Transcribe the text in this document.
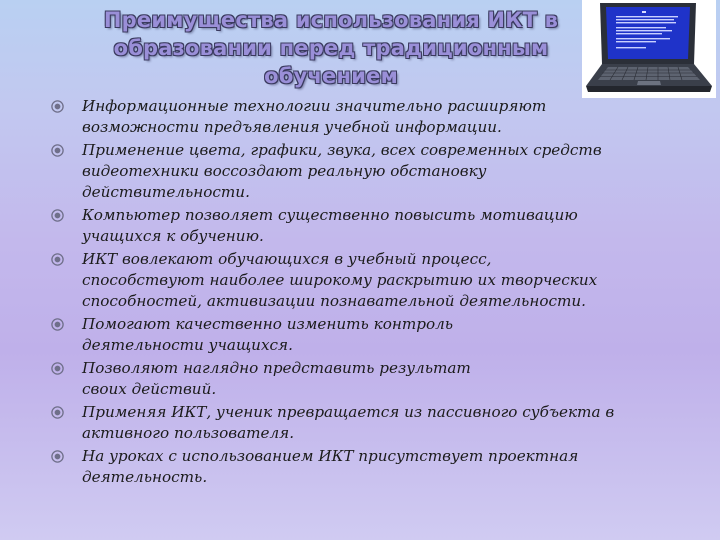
Преимущества использования ИКТ в
образовании перед традиционным
обучением
Информационные технологии значительно расширяют
возможности предъявления учебной информации.
Применение цвета, графики, звука, всех современных средств
видеотехники воссоздают реальную обстановку
действительности.
Компьютер позволяет существенно повысить мотивацию
учащихся к обучению.
ИКТ вовлекают обучающихся в учебный процесс,
способствуют наиболее широкому раскрытию их творческих
способностей, активизации познавательной деятельности.
Помогают качественно изменить контроль
деятельности учащихся.
Позволяют наглядно представить результат
своих действий.
Применяя ИКТ, ученик превращается из пассивного субъекта в
активного пользователя.
На уроках с использованием ИКТ присутствует проектная
деятельность.
